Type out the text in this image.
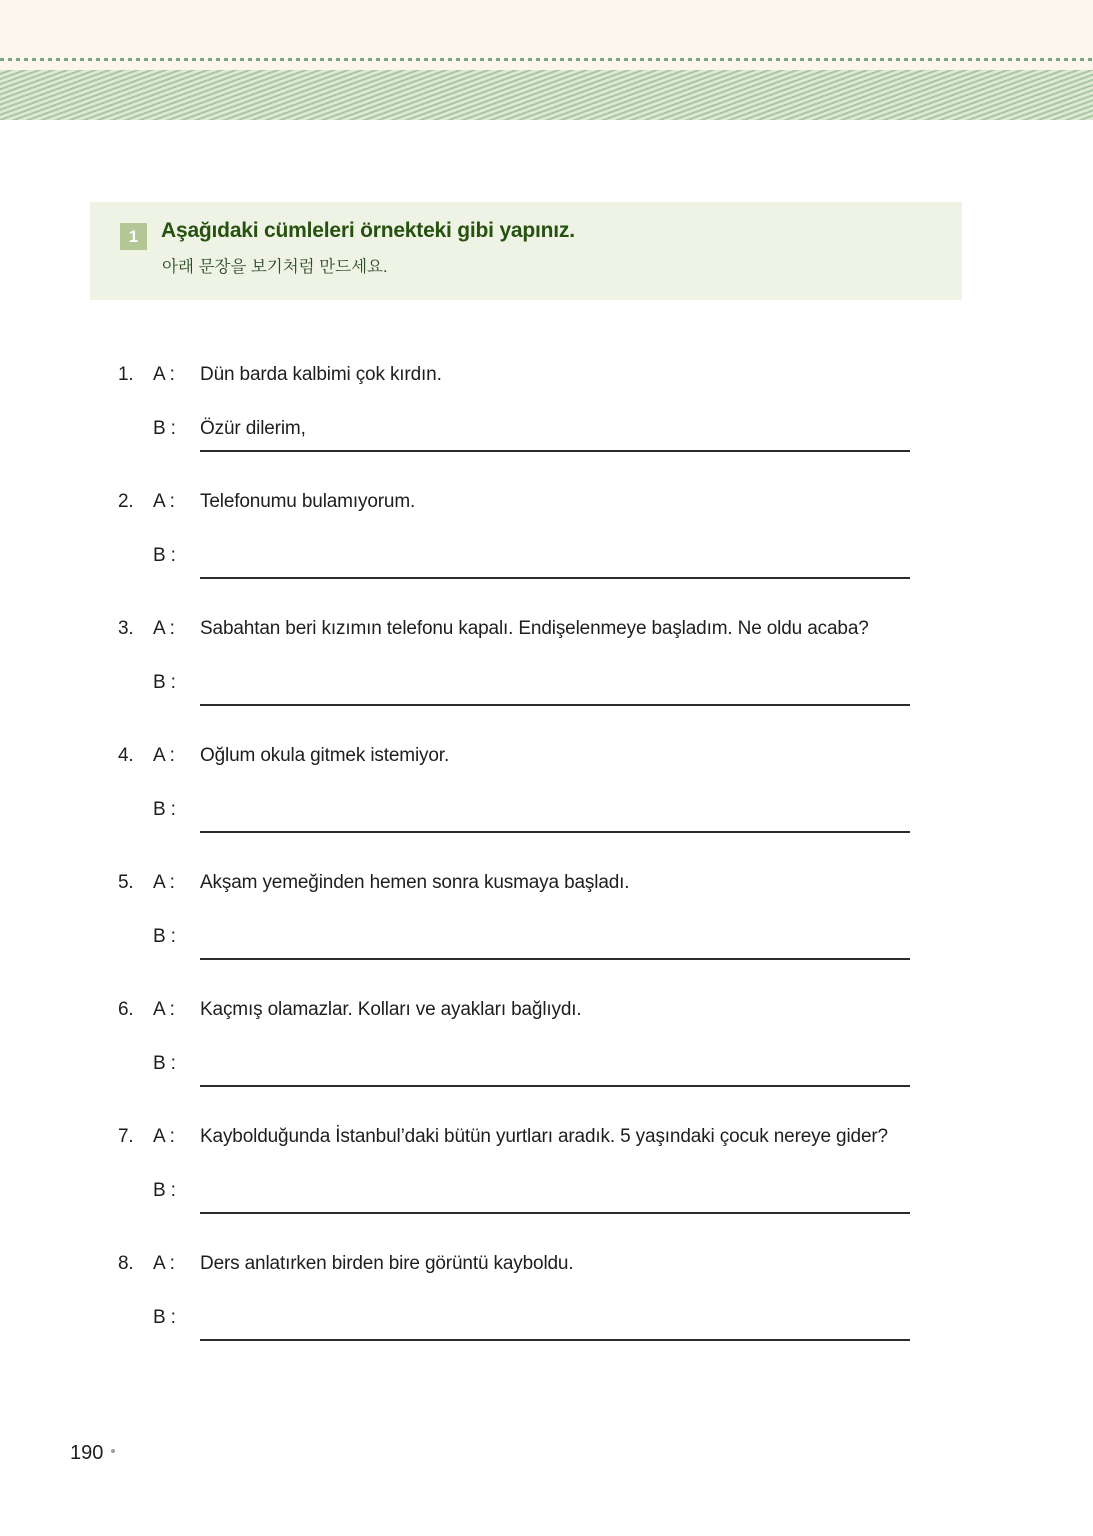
1	Aşağıdaki cümleleri örnekteki gibi yapınız.
아래 문장을 보기처럼 만드세요.
1.	A :	Dün barda kalbimi çok kırdın.
B :	Özür dilerim,
2.	A :	Telefonumu bulamıyorum.
B :
3.	A :	Sabahtan beri kızımın telefonu kapalı. Endişelenmeye başladım. Ne oldu acaba?
B :
4.	A :	Oğlum okula gitmek istemiyor.
B :
5.	A :	Akşam yemeğinden hemen sonra kusmaya başladı.
B :
6.	A :	Kaçmış olamazlar. Kolları ve ayakları bağlıydı.
B :
7.	A :	Kaybolduğunda İstanbul’daki bütün yurtları aradık. 5 yaşındaki çocuk nereye gider?
B :
8.	A :	Ders anlatırken birden bire görüntü kayboldu.
B :
190
